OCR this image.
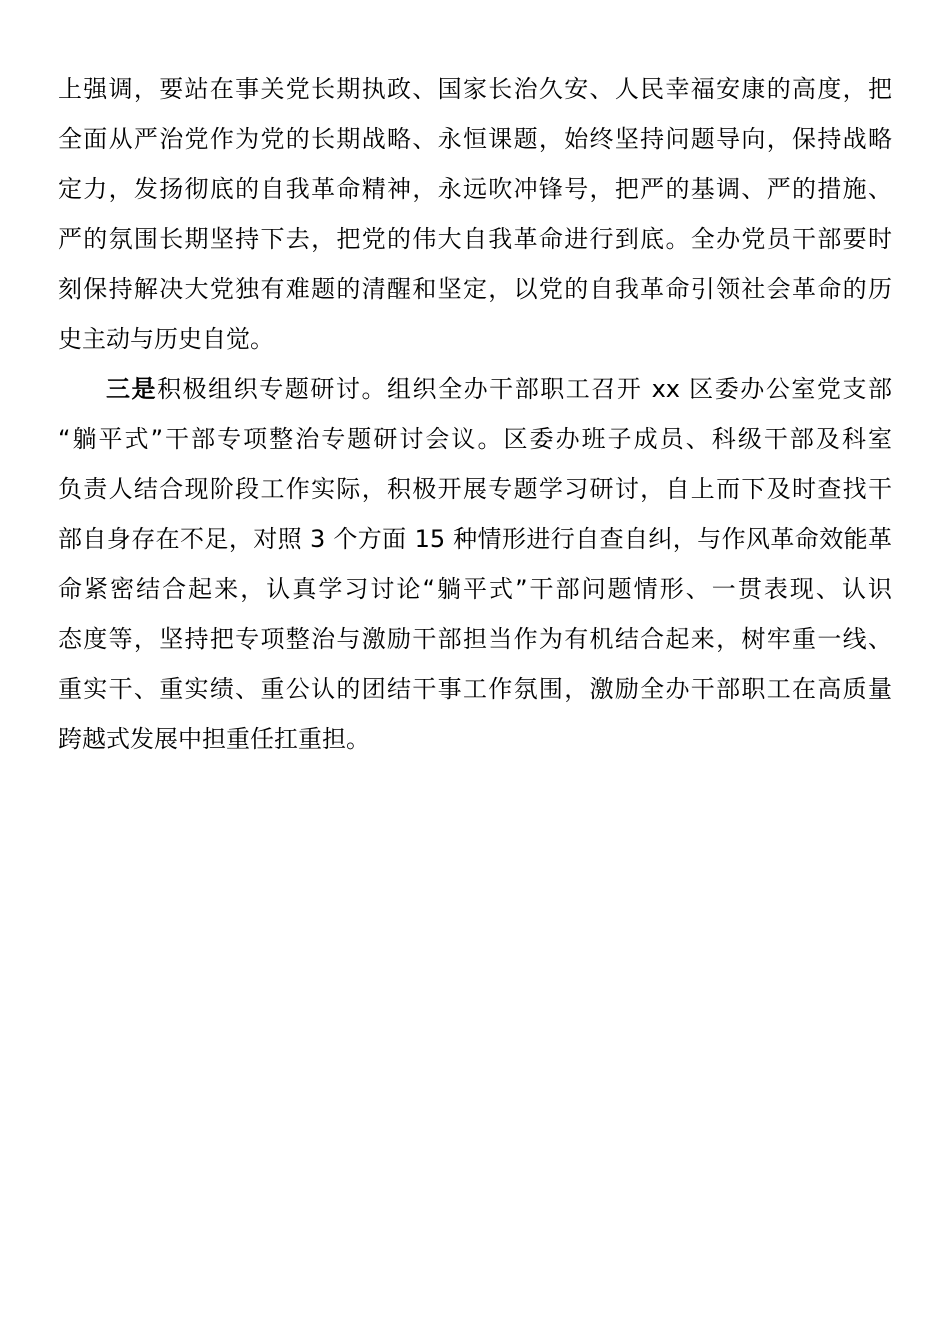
上强调，要站在事关党长期执政、国家长治久安、人民幸福安康的高度，把
全面从严治党作为党的长期战略、永恒课题，始终坚持问题导向，保持战略
定力，发扬彻底的自我革命精神，永远吹冲锋号，把严的基调、严的措施、
严的氛围长期坚持下去，把党的伟大自我革命进行到底。全办党员干部要时
刻保持解决大党独有难题的清醒和坚定，以党的自我革命引领社会革命的历
史主动与历史自觉。
三是积极组织专题研讨。组织全办干部职工召开 xx 区委办公室党支部
“躺平式”干部专项整治专题研讨会议。区委办班子成员、科级干部及科室
负责人结合现阶段工作实际，积极开展专题学习研讨，自上而下及时查找干
部自身存在不足，对照 3 个方面 15 种情形进行自查自纠，与作风革命效能革
命紧密结合起来，认真学习讨论“躺平式”干部问题情形、一贯表现、认识
态度等，坚持把专项整治与激励干部担当作为有机结合起来，树牢重一线、
重实干、重实绩、重公认的团结干事工作氛围，激励全办干部职工在高质量
跨越式发展中担重任扛重担。
